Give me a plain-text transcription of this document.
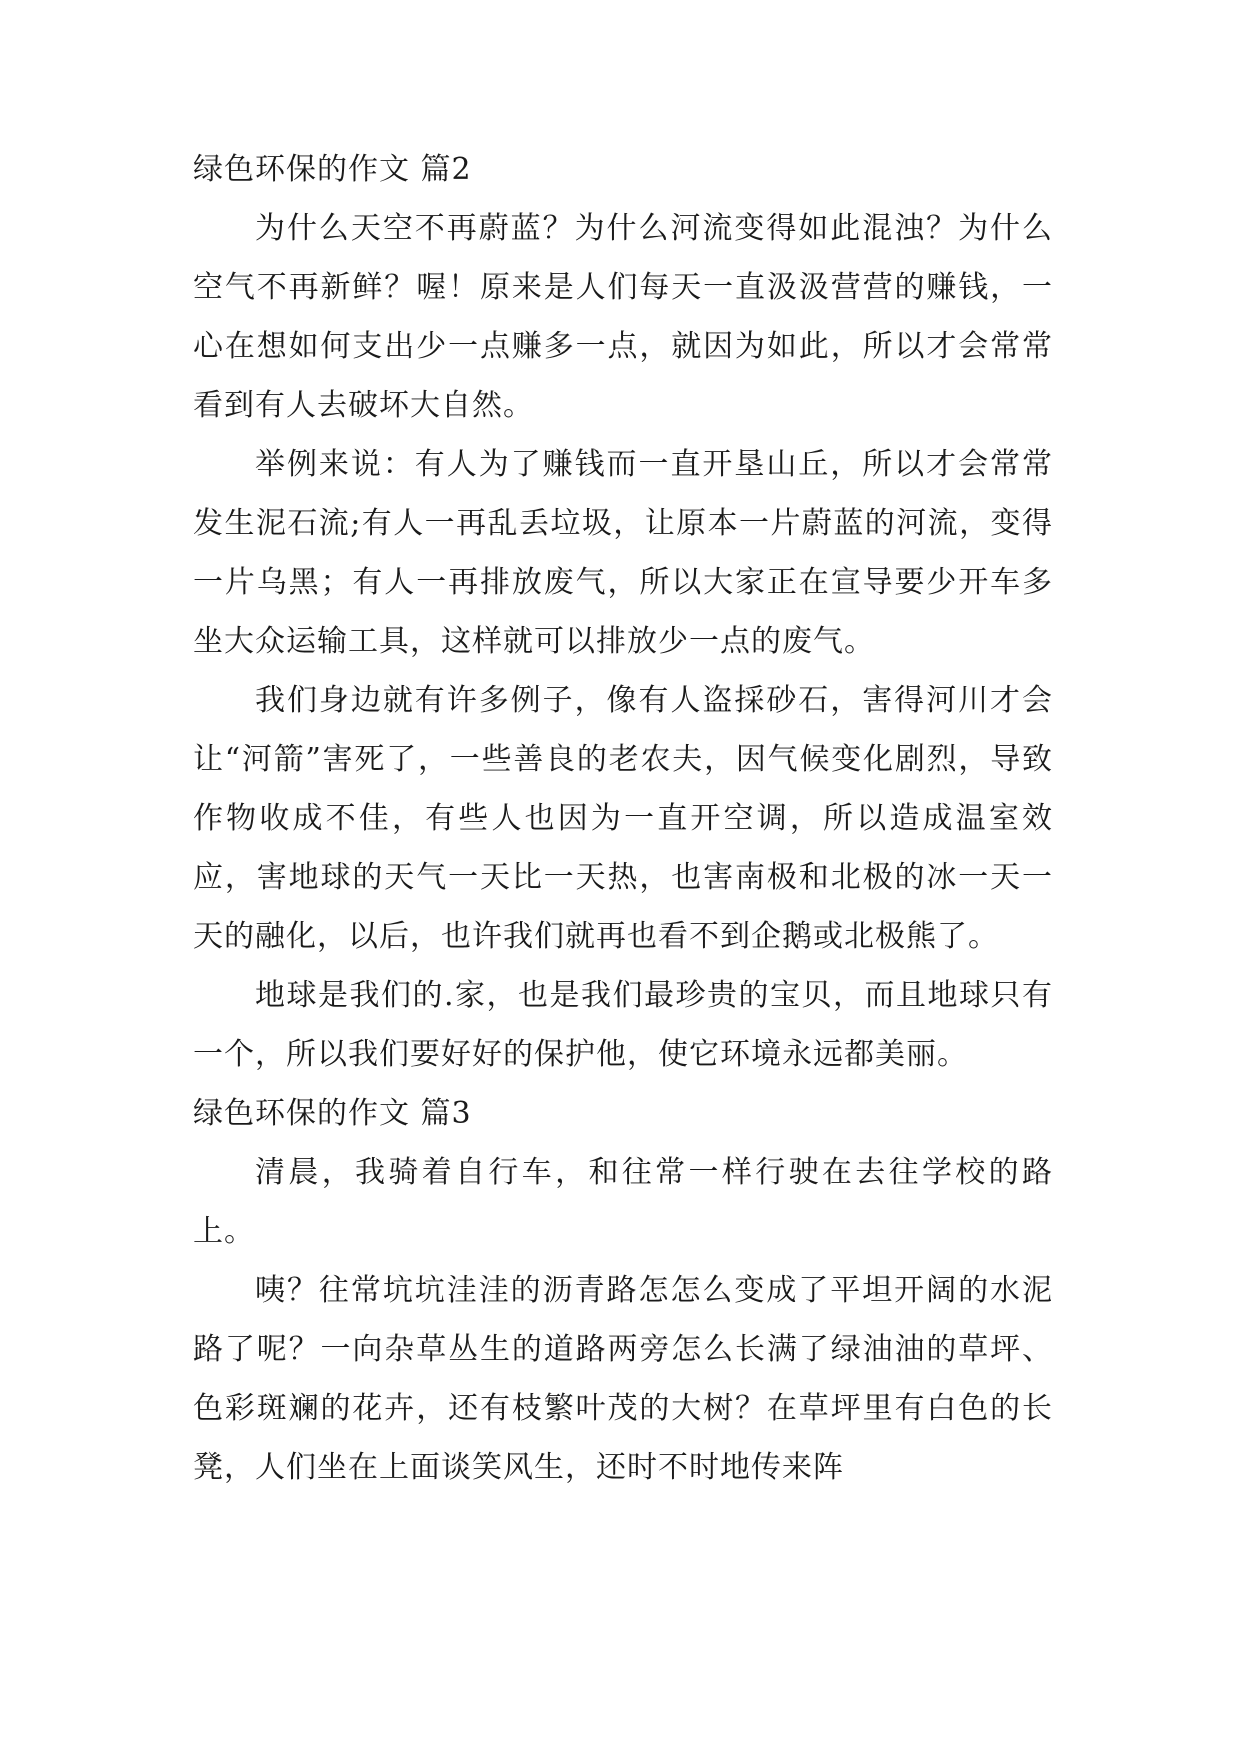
绿色环保的作文 篇2

为什么天空不再蔚蓝？为什么河流变得如此混浊？为什么空气不再新鲜？喔！原来是人们每天一直汲汲营营的赚钱，一心在想如何支出少一点赚多一点，就因为如此，所以才会常常看到有人去破坏大自然。

举例来说：有人为了赚钱而一直开垦山丘，所以才会常常发生泥石流;有人一再乱丢垃圾，让原本一片蔚蓝的河流，变得一片乌黑；有人一再排放废气，所以大家正在宣导要少开车多坐大众运输工具，这样就可以排放少一点的废气。

我们身边就有许多例子，像有人盗採砂石，害得河川才会让“河箭”害死了，一些善良的老农夫，因气候变化剧烈，导致作物收成不佳，有些人也因为一直开空调，所以造成温室效应，害地球的天气一天比一天热，也害南极和北极的冰一天一天的融化，以后，也许我们就再也看不到企鹅或北极熊了。

地球是我们的.家，也是我们最珍贵的宝贝，而且地球只有一个，所以我们要好好的保护他，使它环境永远都美丽。

绿色环保的作文 篇3

清晨，我骑着自行车，和往常一样行驶在去往学校的路上。

咦？往常坑坑洼洼的沥青路怎怎么变成了平坦开阔的水泥路了呢？一向杂草丛生的道路两旁怎么长满了绿油油的草坪、色彩斑斓的花卉，还有枝繁叶茂的大树？在草坪里有白色的长凳，人们坐在上面谈笑风生，还时不时地传来阵
